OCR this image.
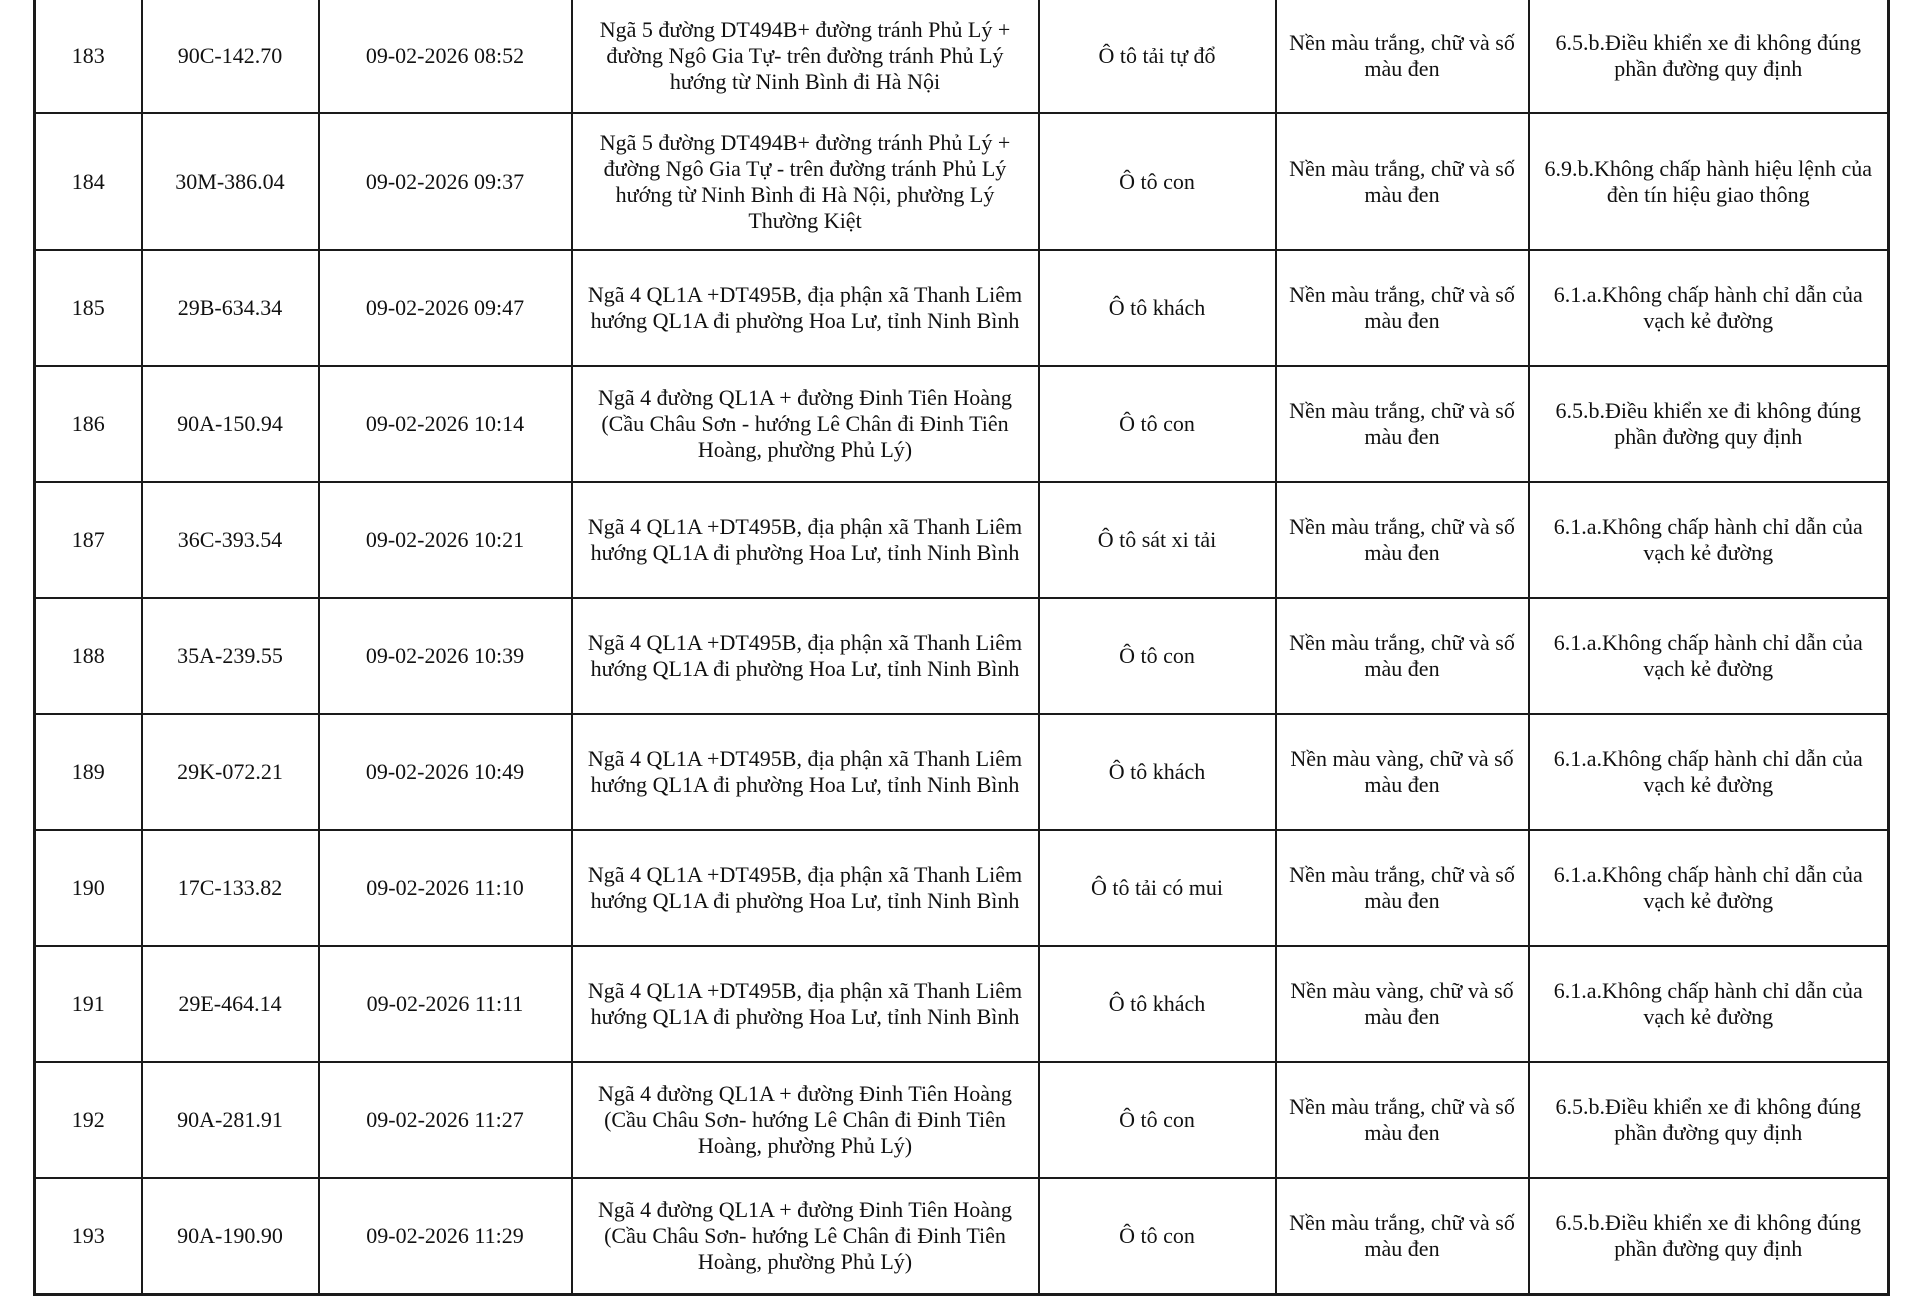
183	90C-142.70	09-02-2026 08:52	Ngã 5 đường DT494B+ đường tránh Phủ Lý + đường Ngô Gia Tự- trên đường tránh Phủ Lý hướng từ Ninh Bình đi Hà Nội	Ô tô tải tự đổ	Nền màu trắng, chữ và số màu đen	6.5.b.Điều khiển xe đi không đúng phần đường quy định
184	30M-386.04	09-02-2026 09:37	Ngã 5 đường DT494B+ đường tránh Phủ Lý + đường Ngô Gia Tự - trên đường tránh Phủ Lý hướng từ Ninh Bình đi Hà Nội, phường Lý Thường Kiệt	Ô tô con	Nền màu trắng, chữ và số màu đen	6.9.b.Không chấp hành hiệu lệnh của đèn tín hiệu giao thông
185	29B-634.34	09-02-2026 09:47	Ngã 4 QL1A +DT495B, địa phận xã Thanh Liêm hướng QL1A đi phường Hoa Lư, tỉnh Ninh Bình	Ô tô khách	Nền màu trắng, chữ và số màu đen	6.1.a.Không chấp hành chỉ dẫn của vạch kẻ đường
186	90A-150.94	09-02-2026 10:14	Ngã 4 đường QL1A + đường Đinh Tiên Hoàng (Cầu Châu Sơn - hướng Lê Chân đi Đinh Tiên Hoàng, phường Phủ Lý)	Ô tô con	Nền màu trắng, chữ và số màu đen	6.5.b.Điều khiển xe đi không đúng phần đường quy định
187	36C-393.54	09-02-2026 10:21	Ngã 4 QL1A +DT495B, địa phận xã Thanh Liêm hướng QL1A đi phường Hoa Lư, tỉnh Ninh Bình	Ô tô sát xi tải	Nền màu trắng, chữ và số màu đen	6.1.a.Không chấp hành chỉ dẫn của vạch kẻ đường
188	35A-239.55	09-02-2026 10:39	Ngã 4 QL1A +DT495B, địa phận xã Thanh Liêm hướng QL1A đi phường Hoa Lư, tỉnh Ninh Bình	Ô tô con	Nền màu trắng, chữ và số màu đen	6.1.a.Không chấp hành chỉ dẫn của vạch kẻ đường
189	29K-072.21	09-02-2026 10:49	Ngã 4 QL1A +DT495B, địa phận xã Thanh Liêm hướng QL1A đi phường Hoa Lư, tỉnh Ninh Bình	Ô tô khách	Nền màu vàng, chữ và số màu đen	6.1.a.Không chấp hành chỉ dẫn của vạch kẻ đường
190	17C-133.82	09-02-2026 11:10	Ngã 4 QL1A +DT495B, địa phận xã Thanh Liêm hướng QL1A đi phường Hoa Lư, tỉnh Ninh Bình	Ô tô tải có mui	Nền màu trắng, chữ và số màu đen	6.1.a.Không chấp hành chỉ dẫn của vạch kẻ đường
191	29E-464.14	09-02-2026 11:11	Ngã 4 QL1A +DT495B, địa phận xã Thanh Liêm hướng QL1A đi phường Hoa Lư, tỉnh Ninh Bình	Ô tô khách	Nền màu vàng, chữ và số màu đen	6.1.a.Không chấp hành chỉ dẫn của vạch kẻ đường
192	90A-281.91	09-02-2026 11:27	Ngã 4 đường QL1A + đường Đinh Tiên Hoàng (Cầu Châu Sơn- hướng Lê Chân đi Đinh Tiên Hoàng, phường Phủ Lý)	Ô tô con	Nền màu trắng, chữ và số màu đen	6.5.b.Điều khiển xe đi không đúng phần đường quy định
193	90A-190.90	09-02-2026 11:29	Ngã 4 đường QL1A + đường Đinh Tiên Hoàng (Cầu Châu Sơn- hướng Lê Chân đi Đinh Tiên Hoàng, phường Phủ Lý)	Ô tô con	Nền màu trắng, chữ và số màu đen	6.5.b.Điều khiển xe đi không đúng phần đường quy định
